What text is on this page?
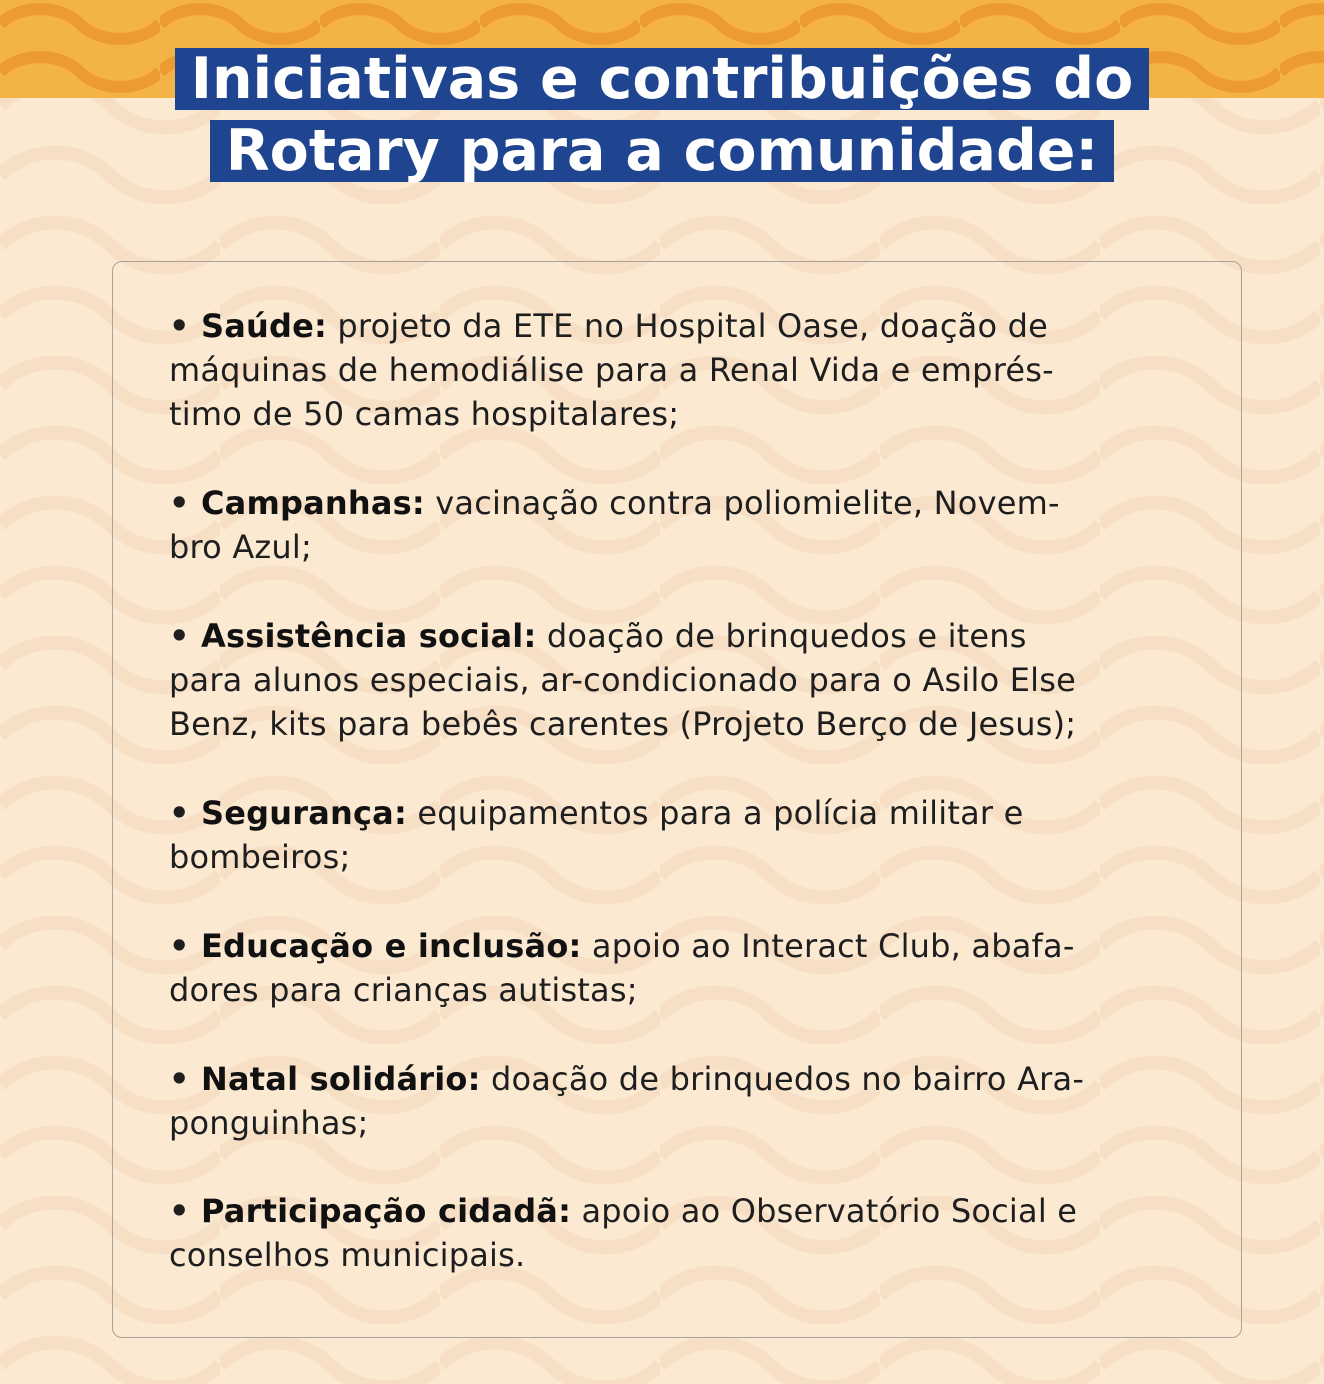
Iniciativas e contribuições do
Rotary para a comunidade:
• Saúde: projeto da ETE no Hospital Oase, doação de
máquinas de hemodiálise para a Renal Vida e emprés-
timo de 50 camas hospitalares;
• Campanhas: vacinação contra poliomielite, Novem-
bro Azul;
• Assistência social: doação de brinquedos e itens
para alunos especiais, ar-condicionado para o Asilo Else
Benz, kits para bebês carentes (Projeto Berço de Jesus);
• Segurança: equipamentos para a polícia militar e
bombeiros;
• Educação e inclusão: apoio ao Interact Club, abafa-
dores para crianças autistas;
• Natal solidário: doação de brinquedos no bairro Ara-
ponguinhas;
• Participação cidadã: apoio ao Observatório Social e
conselhos municipais.
